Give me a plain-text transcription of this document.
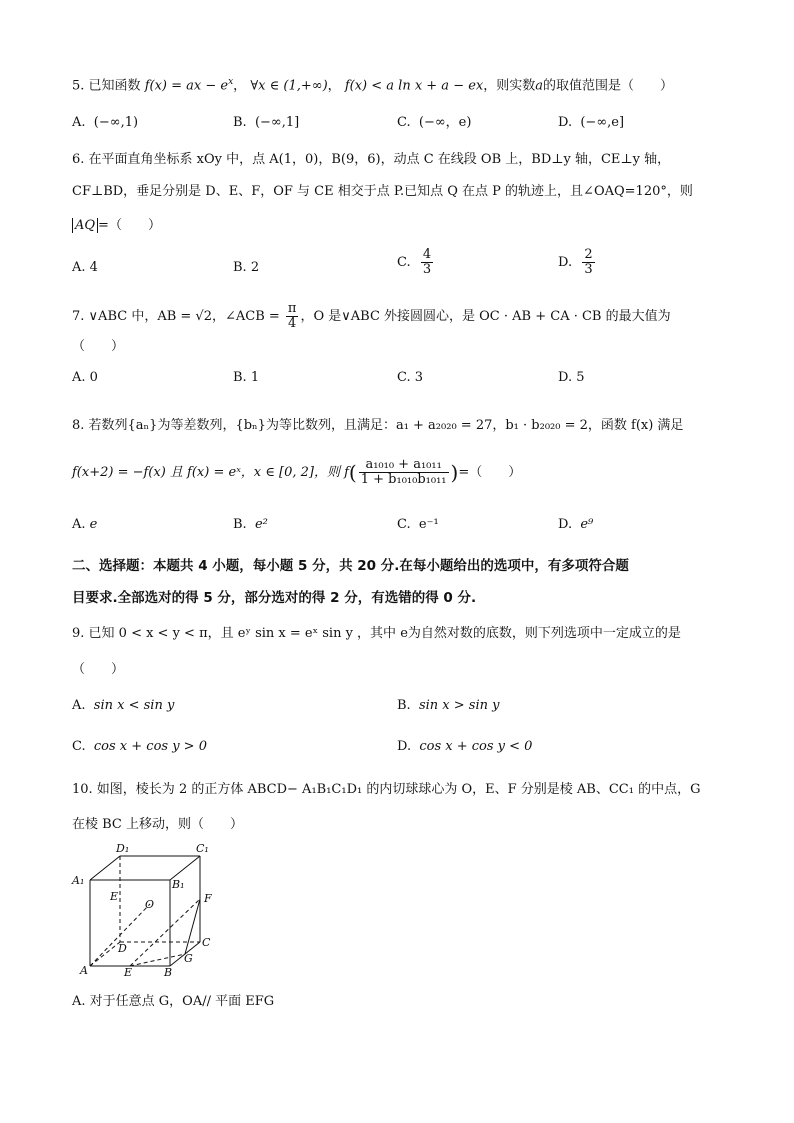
5. 已知函数 f(x) = ax − $e^x$， ∀x ∈ (1,+∞)， f(x) < a ln x + a − ex，则实数a的取值范围是（　　）
A. (−∞,1)	B. (−∞,1]	C. (−∞，e)	D. (−∞,e]
6. 在平面直角坐标系 xOy 中，点 A(1，0)，B(9，6)，动点 C 在线段 OB 上，BD⊥y 轴，CE⊥y 轴，
CF⊥BD，垂足分别是 D、E、F，OF 与 CE 相交于点 P.已知点 Q 在点 P 的轨迹上，且∠OAQ=120°，则
AQ =（　　）
A. 4	B. 2	C. $\frac{4}{3}$	D. $\frac{2}{3}$
7. ∨ABC 中，AB = √2，∠ACB = $\frac{\pi}{4}$ ，O 是∨ABC 外接圆圆心，是 OC · AB + CA · CB 的最大值为
（　　）
A. 0	B. 1	C. 3	D. 5
8. 若数列{aₙ}为等差数列，{bₙ}为等比数列，且满足：a₁ + a₂₀₂₀ = 27，b₁ · b₂₀₂₀ = 2，函数 f(x) 满足
f(x+2) = −f(x) 且 f(x) = eˣ，x ∈ [0, 2]，则 $f( \frac{\text{a₁₀₁₀ + a₁₀₁₁}}{\text{1 + b₁₀₁₀b₁₀₁₁}}$ )=（　　）
A. e	B. e²	C. e⁻¹	D. e⁹
二、选择题：本题共 4 小题，每小题 5 分，共 20 分.在每小题给出的选项中，有多项符合题
目要求.全部选对的得 5 分，部分选对的得 2 分，有选错的得 0 分.
9. 已知 0 < x < y < π，且 eʸ sin x = eˣ sin y ，其中 e为自然对数的底数，则下列选项中一定成立的是
（　　）
A. sin x < sin y	B. sin x > sin y
C. cos x + cos y > 0	D. cos x + cos y < 0
10. 如图，棱长为 2 的正方体 ABCD− A₁B₁C₁D₁ 的内切球球心为 O，E、F 分别是棱 AB、CC₁ 的中点，G
在棱 BC 上移动，则（　　）
D₁	C₁
A₁	B₁
E
O	F
D	C
G
A	E	B
A. 对于任意点 G，OA// 平面 EFG
